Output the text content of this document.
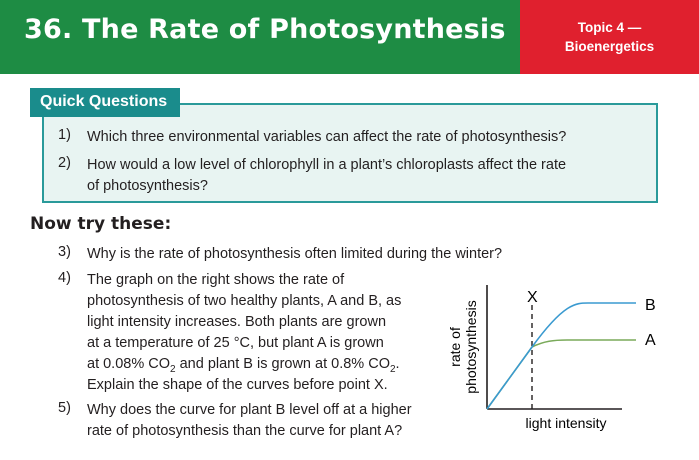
36. The Rate of Photosynthesis	Topic 4 —
Bioenergetics
Quick Questions
1) Which three environmental variables can affect the rate of photosynthesis?
2) How would a low level of chlorophyll in a plant’s chloroplasts affect the rate
of photosynthesis?
Now try these:
3) Why is the rate of photosynthesis often limited during the winter?
4) The graph on the right shows the rate of
photosynthesis of two healthy plants, A and B, as
light intensity increases. Both plants are grown
at a temperature of 25 °C, but plant A is grown
at 0.08% $CO_2$ and plant B is grown at 0.8% $CO_2$.
Explain the shape of the curves before point X.
5) Why does the curve for plant B level off at a higher
rate of photosynthesis than the curve for plant A?
X	B
A
rate of photosynthesis
light intensity
